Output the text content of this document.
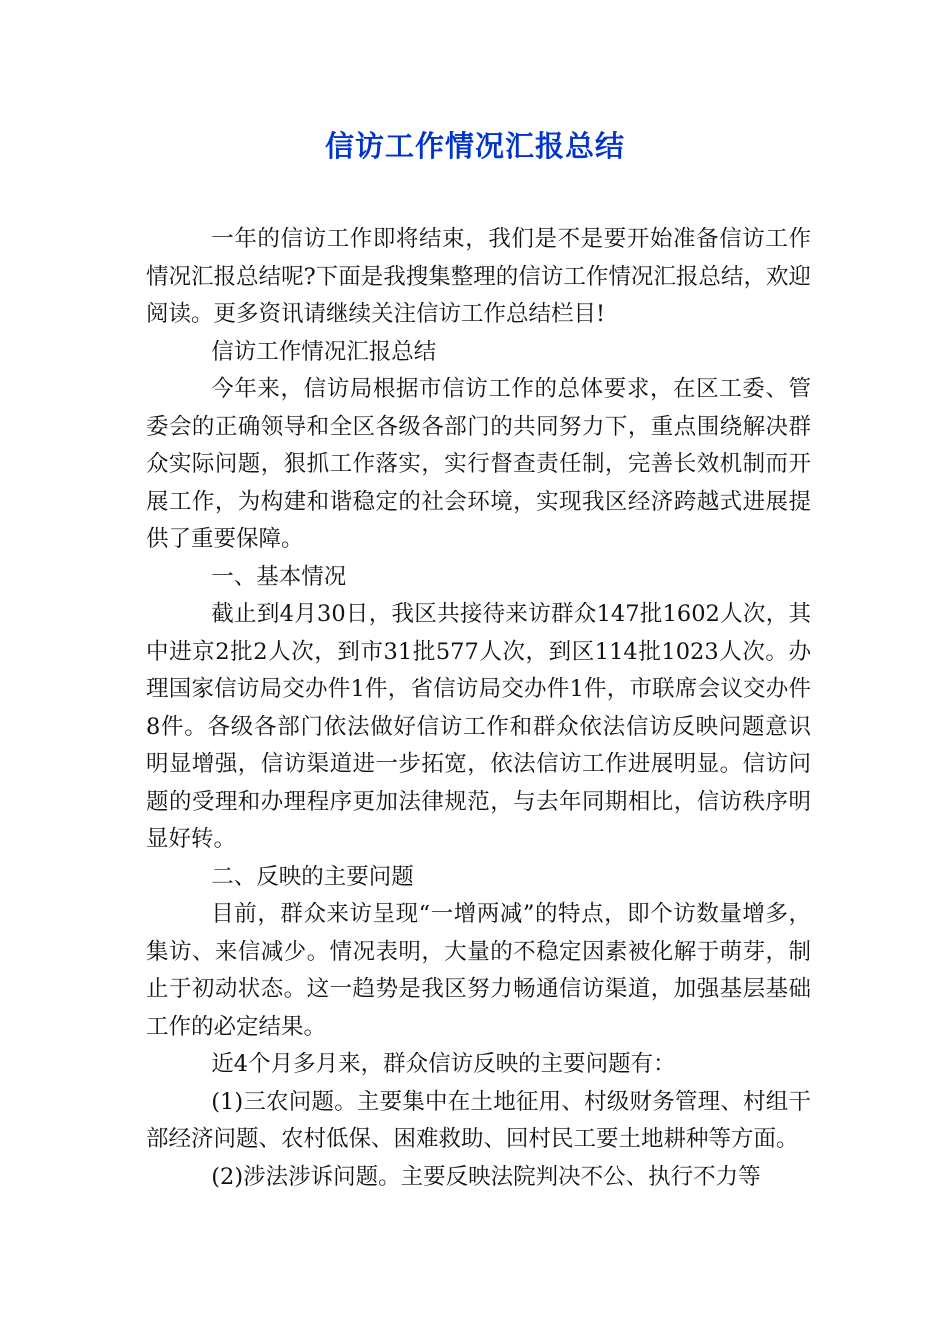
信访工作情况汇报总结

一年的信访工作即将结束，我们是不是要开始准备信访工作情况汇报总结呢?下面是我搜集整理的信访工作情况汇报总结，欢迎阅读。更多资讯请继续关注信访工作总结栏目!

信访工作情况汇报总结

今年来，信访局根据市信访工作的总体要求，在区工委、管委会的正确领导和全区各级各部门的共同努力下，重点围绕解决群众实际问题，狠抓工作落实，实行督查责任制，完善长效机制而开展工作，为构建和谐稳定的社会环境，实现我区经济跨越式进展提供了重要保障。

一、基本情况

截止到4月30日，我区共接待来访群众147批1602人次，其中进京2批2人次，到市31批577人次，到区114批1023人次。办理国家信访局交办件1件，省信访局交办件1件，市联席会议交办件8件。各级各部门依法做好信访工作和群众依法信访反映问题意识明显增强，信访渠道进一步拓宽，依法信访工作进展明显。信访问题的受理和办理程序更加法律规范，与去年同期相比，信访秩序明显好转。

二、反映的主要问题

目前，群众来访呈现“一增两减”的特点，即个访数量增多，集访、来信减少。情况表明，大量的不稳定因素被化解于萌芽，制止于初动状态。这一趋势是我区努力畅通信访渠道，加强基层基础工作的必定结果。

近4个月多月来，群众信访反映的主要问题有：

(1)三农问题。主要集中在土地征用、村级财务管理、村组干部经济问题、农村低保、困难救助、回村民工要土地耕种等方面。

(2)涉法涉诉问题。主要反映法院判决不公、执行不力等
